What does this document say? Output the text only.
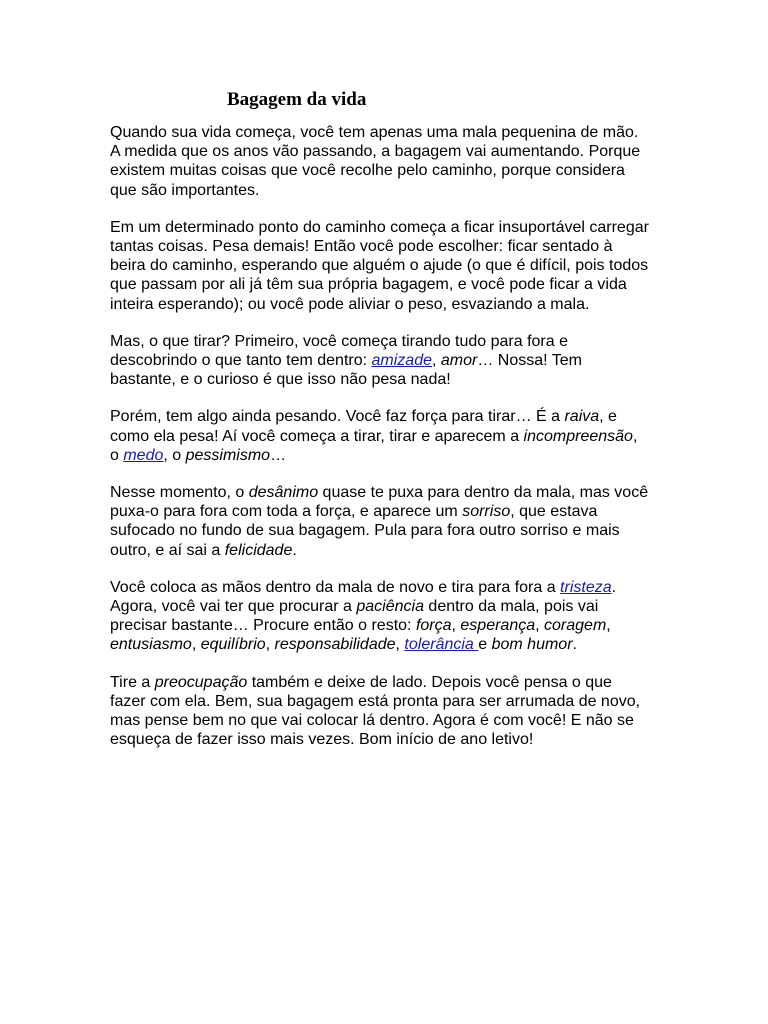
Bagagem da vida

Quando sua vida começa, você tem apenas uma mala pequenina de mão. A medida que os anos vão passando, a bagagem vai aumentando. Porque existem muitas coisas que você recolhe pelo caminho, porque considera que são importantes.

Em um determinado ponto do caminho começa a ficar insuportável carregar tantas coisas. Pesa demais! Então você pode escolher: ficar sentado à beira do caminho, esperando que alguém o ajude (o que é difícil, pois todos que passam por ali já têm sua própria bagagem, e você pode ficar a vida inteira esperando); ou você pode aliviar o peso, esvaziando a mala.

Mas, o que tirar? Primeiro, você começa tirando tudo para fora e descobrindo o que tanto tem dentro: amizade, amor… Nossa! Tem bastante, e o curioso é que isso não pesa nada!

Porém, tem algo ainda pesando. Você faz força para tirar… É a raiva, e como ela pesa! Aí você começa a tirar, tirar e aparecem a incompreensão, o medo, o pessimismo…

Nesse momento, o desânimo quase te puxa para dentro da mala, mas você puxa-o para fora com toda a força, e aparece um sorriso, que estava sufocado no fundo de sua bagagem. Pula para fora outro sorriso e mais outro, e aí sai a felicidade.

Você coloca as mãos dentro da mala de novo e tira para fora a tristeza. Agora, você vai ter que procurar a paciência dentro da mala, pois vai precisar bastante… Procure então o resto: força, esperança, coragem, entusiasmo, equilíbrio, responsabilidade, tolerância e bom humor.

Tire a preocupação também e deixe de lado. Depois você pensa o que fazer com ela. Bem, sua bagagem está pronta para ser arrumada de novo, mas pense bem no que vai colocar lá dentro. Agora é com você! E não se esqueça de fazer isso mais vezes. Bom início de ano letivo!
